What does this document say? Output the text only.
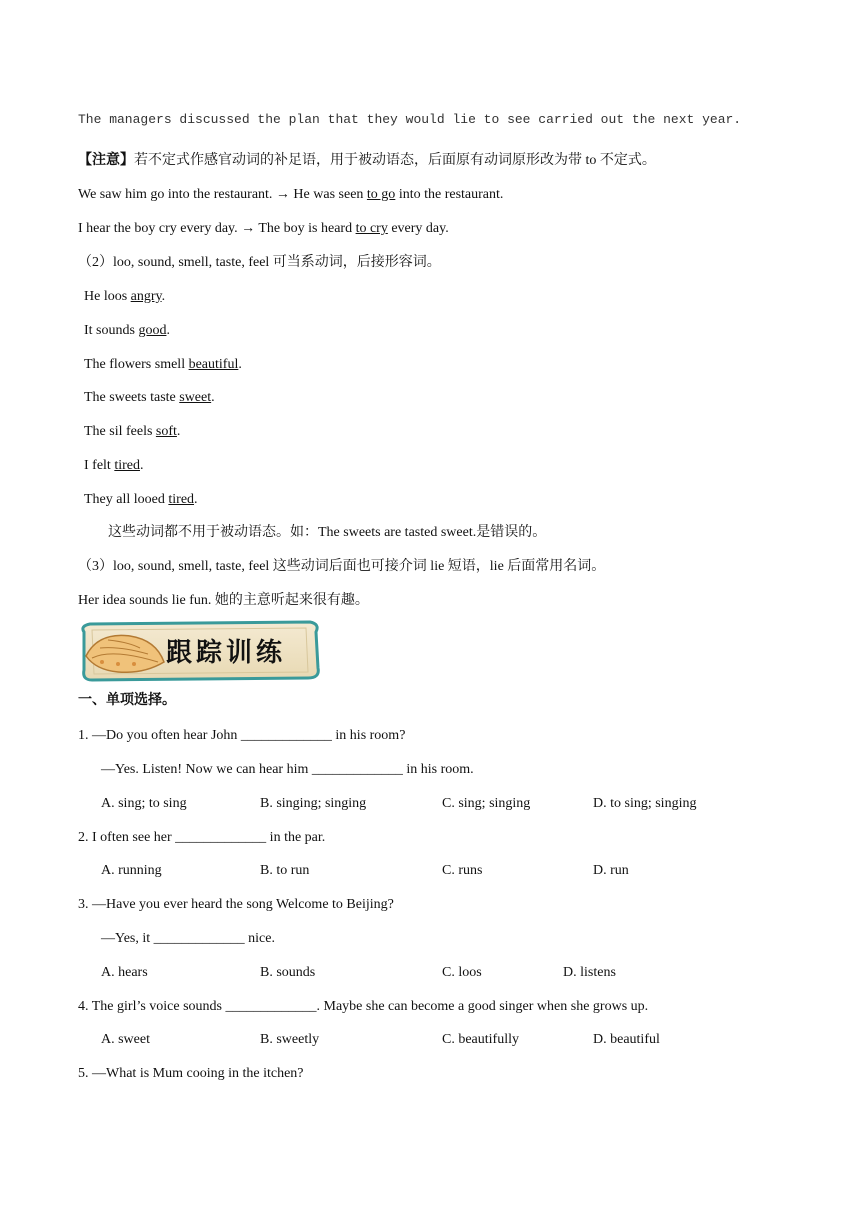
The managers discussed the plan that they would lie to see carried out the next year.
【注意】若不定式作感官动词的补足语，用于被动语态，后面原有动词原形改为带 to 不定式。
We saw him go into the restaurant. → He was seen to go into the restaurant.
I hear the boy cry every day. → The boy is heard to cry every day.
（2）loo, sound, smell, taste, feel 可当系动词，后接形容词。
He loos angry.
It sounds good.
The flowers smell beautiful.
The sweets taste sweet.
The sil feels soft.
I felt tired.
They all looed tired.
这些动词都不用于被动语态。如：The sweets are tasted sweet.是错误的。
（3）loo, sound, smell, taste, feel 这些动词后面也可接介词 lie 短语，lie 后面常用名词。
Her idea sounds lie fun. 她的主意听起来很有趣。
跟踪训练
一、单项选择。
1. —Do you often hear John _____________ in his room?
—Yes. Listen! Now we can hear him _____________ in his room.
A. sing; to sing	B. singing; singing	C. sing; singing	D. to sing; singing
2. I often see her _____________ in the par.
A. running	B. to run	C. runs	D. run
3. —Have you ever heard the song Welcome to Beijing?
—Yes, it _____________ nice.
A. hears	B. sounds	C. loos	D. listens
4. The girl’s voice sounds _____________. Maybe she can become a good singer when she grows up.
A. sweet	B. sweetly	C. beautifully	D. beautiful
5. —What is Mum cooing in the itchen?
